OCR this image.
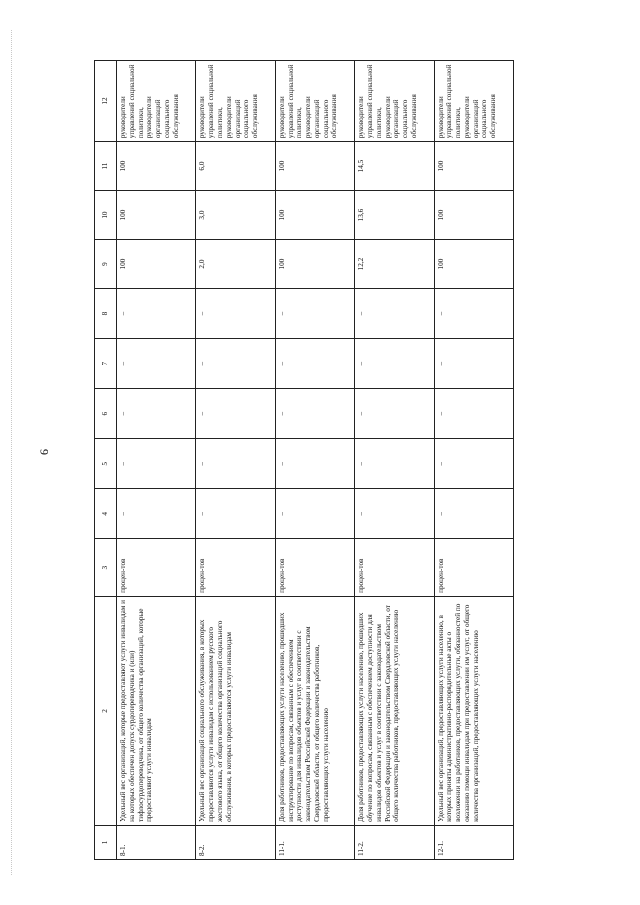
9
1	2	3	4	5	6	7	8	9	10	11	12
8-1.	Удельный вес организаций, которые предоставляют услуги инвалидам и на которых обеспечен допуск сурдопереводчика и (или) тифлосурдопереводчика, от общего количества организаций, которые предоставляют услуги инвалидам	процен-тов	–	–	–	–	–	100	100	100	руководители управлений социальной политики, руководители организаций социального обслуживания
8-2.	Удельный вес организаций социального обслуживания, в которых предоставляются услуги инвалидам с использованием русского жестового языка, от общего количества организаций социального обслуживания, в которых предоставляются услуги инвалидам	процен-тов	–	–	–	–	–	2,0	3,0	6,0	руководители управлений социальной политики, руководители организаций социального обслуживания
11-1.	Доля работников, предоставляющих услуги населению, прошедших инструктирование по вопросам, связанным с обеспечением доступности для инвалидов объектов и услуг в соответствии с законодательством Российской Федерации и законодательством Свердловской области, от общего количества работников, предоставляющих услуги населению	процен-тов	–	–	–	–	–	100	100	100	руководители управлений социальной политики, руководители организаций социального обслуживания
11-2.	Доля работников, предоставляющих услуги населению, прошедших обучение по вопросам, связанным с обеспечением доступности для инвалидов объектов и услуг в соответствии с законодательством Российской Федерации и законодательством Свердловской области, от общего количества работников, предоставляющих услуги населению	процен-тов	–	–	–	–	–	12,2	13,6	14,5	руководители управлений социальной политики, руководители организаций социального обслуживания
12-1.	Удельный вес организаций, предоставляющих услуги населению, в которых приняты административно-распорядительные акты о возложении на работников, предоставляющих услуги, обязанностей по оказанию помощи инвалидам при предоставлении им услуг, от общего количества организаций, предоставляющих услуги населению	процен-тов	–	–	–	–	–	100	100	100	руководители управлений социальной политики, руководители организаций социального обслуживания
